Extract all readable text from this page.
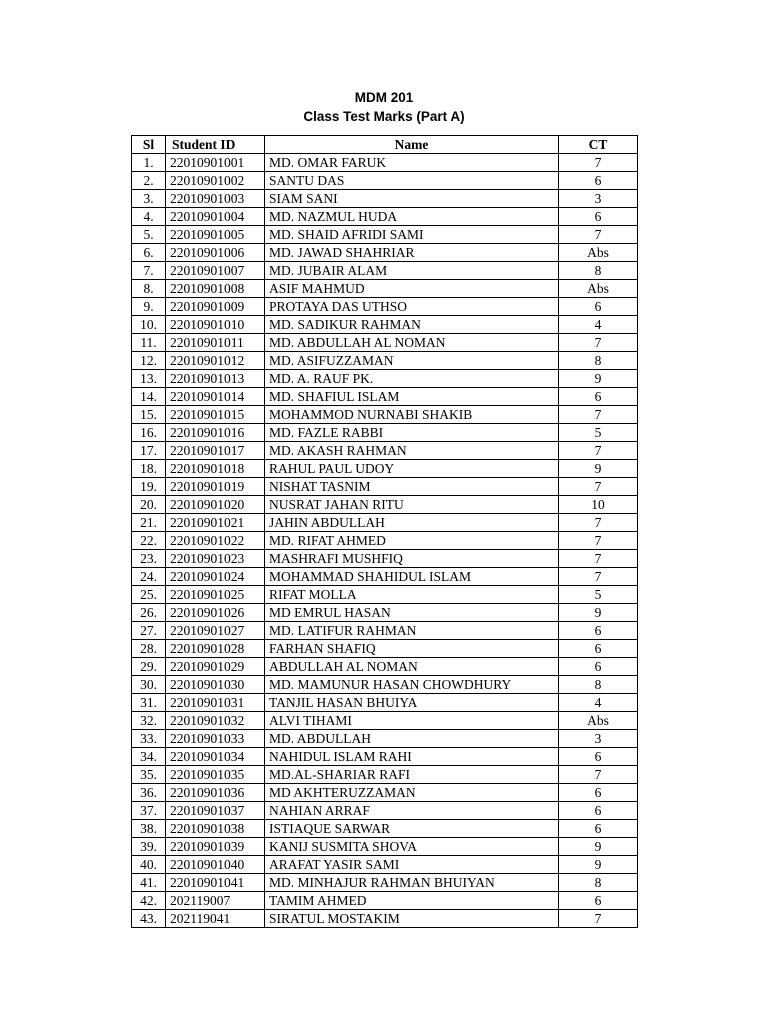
MDM 201
Class Test Marks (Part A)
Sl	Student ID	Name	CT
1.	22010901001	MD. OMAR FARUK	7
2.	22010901002	SANTU DAS	6
3.	22010901003	SIAM SANI	3
4.	22010901004	MD. NAZMUL HUDA	6
5.	22010901005	MD. SHAID AFRIDI SAMI	7
6.	22010901006	MD. JAWAD SHAHRIAR	Abs
7.	22010901007	MD. JUBAIR ALAM	8
8.	22010901008	ASIF MAHMUD	Abs
9.	22010901009	PROTAYA DAS UTHSO	6
10.	22010901010	MD. SADIKUR RAHMAN	4
11.	22010901011	MD. ABDULLAH AL NOMAN	7
12.	22010901012	MD. ASIFUZZAMAN	8
13.	22010901013	MD. A. RAUF PK.	9
14.	22010901014	MD. SHAFIUL ISLAM	6
15.	22010901015	MOHAMMOD NURNABI SHAKIB	7
16.	22010901016	MD. FAZLE RABBI	5
17.	22010901017	MD. AKASH RAHMAN	7
18.	22010901018	RAHUL PAUL UDOY	9
19.	22010901019	NISHAT TASNIM	7
20.	22010901020	NUSRAT JAHAN RITU	10
21.	22010901021	JAHIN ABDULLAH	7
22.	22010901022	MD. RIFAT AHMED	7
23.	22010901023	MASHRAFI MUSHFIQ	7
24.	22010901024	MOHAMMAD SHAHIDUL ISLAM	7
25.	22010901025	RIFAT MOLLA	5
26.	22010901026	MD EMRUL HASAN	9
27.	22010901027	MD. LATIFUR RAHMAN	6
28.	22010901028	FARHAN SHAFIQ	6
29.	22010901029	ABDULLAH AL NOMAN	6
30.	22010901030	MD. MAMUNUR HASAN CHOWDHURY	8
31.	22010901031	TANJIL HASAN BHUIYA	4
32.	22010901032	ALVI TIHAMI	Abs
33.	22010901033	MD. ABDULLAH	3
34.	22010901034	NAHIDUL ISLAM RAHI	6
35.	22010901035	MD.AL-SHARIAR RAFI	7
36.	22010901036	MD AKHTERUZZAMAN	6
37.	22010901037	NAHIAN ARRAF	6
38.	22010901038	ISTIAQUE SARWAR	6
39.	22010901039	KANIJ SUSMITA SHOVA	9
40.	22010901040	ARAFAT YASIR SAMI	9
41.	22010901041	MD. MINHAJUR RAHMAN BHUIYAN	8
42.	202119007	TAMIM AHMED	6
43.	202119041	SIRATUL MOSTAKIM	7
